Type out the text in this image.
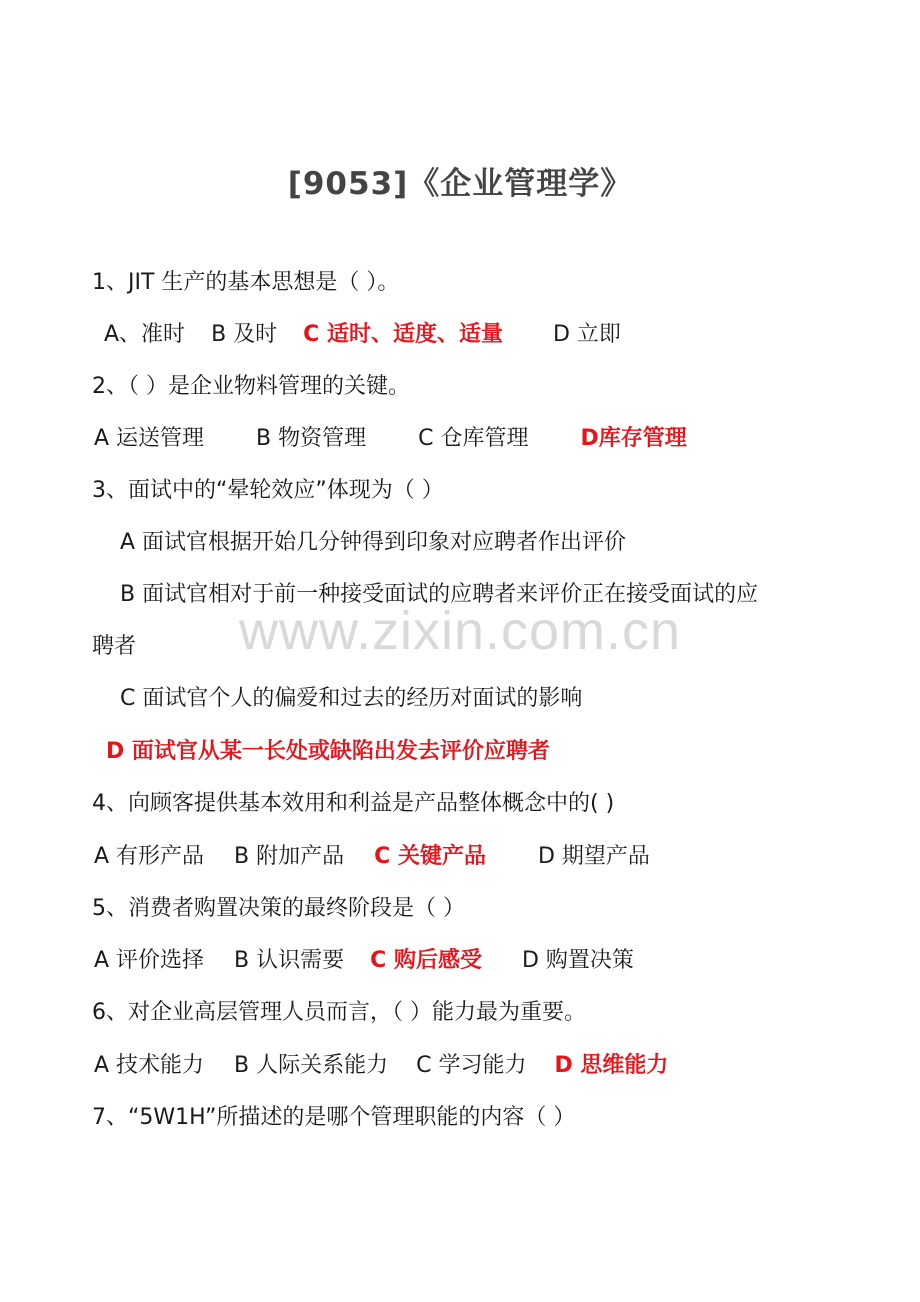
www.zixin.com.cn
[9053]《企业管理学》
1、JIT 生产的基本思想是（ ）。
A、准时 B 及时 C 适时、适度、适量 D 立即
2、（ ）是企业物料管理的关键。
A 运送管理 B 物资管理 C 仓库管理 D库存管理
3、面试中的“晕轮效应”体现为（ ）
A 面试官根据开始几分钟得到印象对应聘者作出评价
B 面试官相对于前一种接受面试的应聘者来评价正在接受面试的应
聘者
C 面试官个人的偏爱和过去的经历对面试的影响
D 面试官从某一长处或缺陷出发去评价应聘者
4、向顾客提供基本效用和利益是产品整体概念中的( )
A 有形产品 B 附加产品 C 关键产品 D 期望产品
5、消费者购置决策的最终阶段是（ ）
A 评价选择 B 认识需要 C 购后感受 D 购置决策
6、对企业高层管理人员而言，（ ）能力最为重要。
A 技术能力 B 人际关系能力 C 学习能力 D 思维能力
7、“5W1H”所描述的是哪个管理职能的内容（ ）
